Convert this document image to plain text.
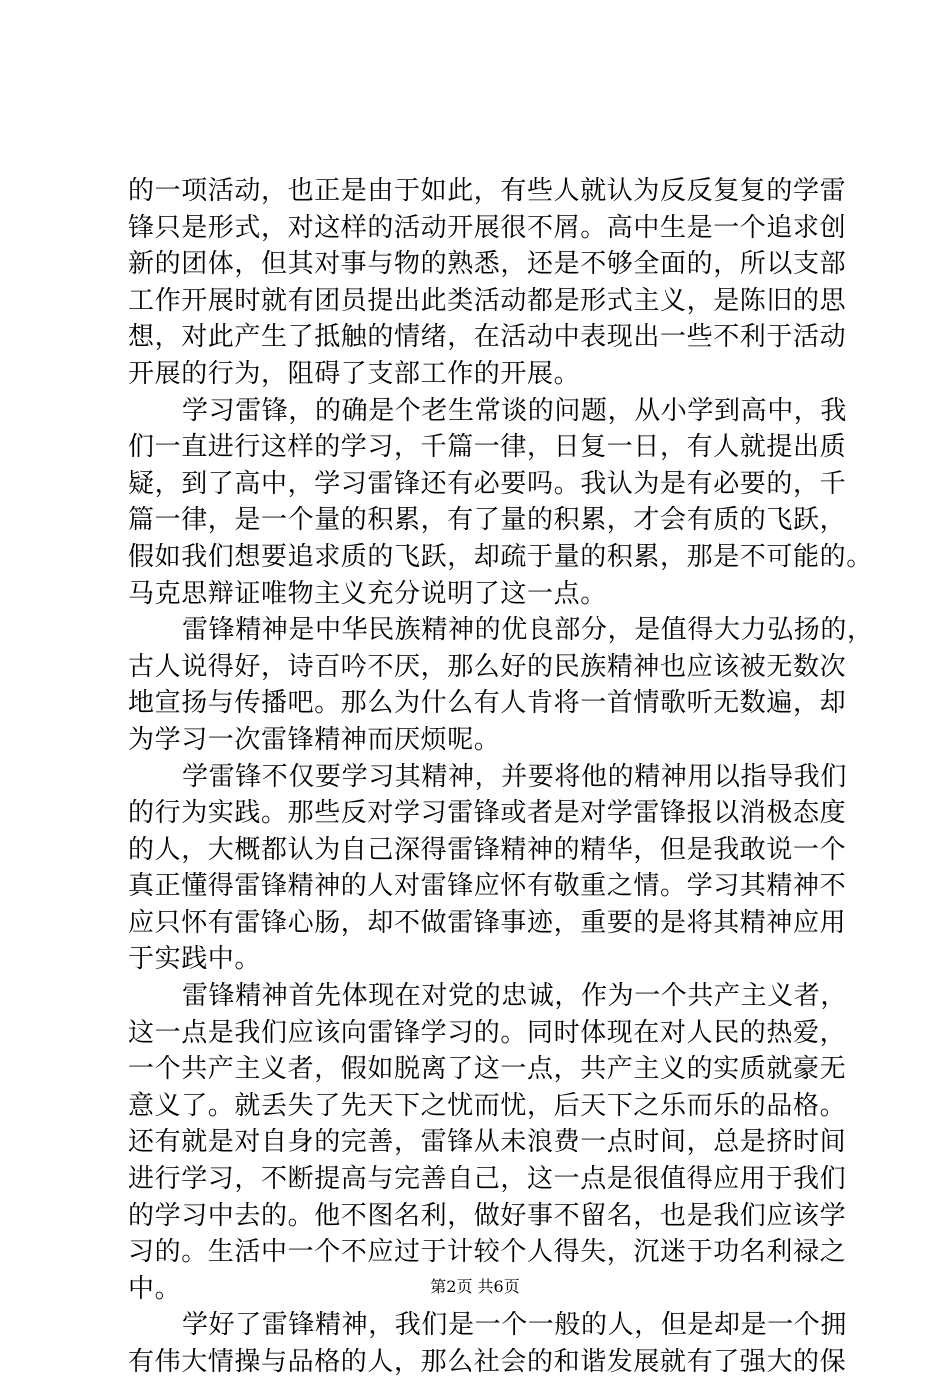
的一项活动，也正是由于如此，有些人就认为反反复复的学雷

锋只是形式，对这样的活动开展很不屑。高中生是一个追求创

新的团体，但其对事与物的熟悉，还是不够全面的，所以支部

工作开展时就有团员提出此类活动都是形式主义，是陈旧的思

想，对此产生了抵触的情绪，在活动中表现出一些不利于活动

开展的行为，阻碍了支部工作的开展。

学习雷锋，的确是个老生常谈的问题，从小学到高中，我

们一直进行这样的学习，千篇一律，日复一日，有人就提出质

疑，到了高中，学习雷锋还有必要吗。我认为是有必要的，千

篇一律，是一个量的积累，有了量的积累，才会有质的飞跃，

假如我们想要追求质的飞跃，却疏于量的积累，那是不可能的。

马克思辩证唯物主义充分说明了这一点。

雷锋精神是中华民族精神的优良部分，是值得大力弘扬的，

古人说得好，诗百吟不厌，那么好的民族精神也应该被无数次

地宣扬与传播吧。那么为什么有人肯将一首情歌听无数遍，却

为学习一次雷锋精神而厌烦呢。

学雷锋不仅要学习其精神，并要将他的精神用以指导我们

的行为实践。那些反对学习雷锋或者是对学雷锋报以消极态度

的人，大概都认为自己深得雷锋精神的精华，但是我敢说一个

真正懂得雷锋精神的人对雷锋应怀有敬重之情。学习其精神不

应只怀有雷锋心肠，却不做雷锋事迹，重要的是将其精神应用

于实践中。

雷锋精神首先体现在对党的忠诚，作为一个共产主义者，

这一点是我们应该向雷锋学习的。同时体现在对人民的热爱，

一个共产主义者，假如脱离了这一点，共产主义的实质就豪无

意义了。就丢失了先天下之忧而忧，后天下之乐而乐的品格。

还有就是对自身的完善，雷锋从未浪费一点时间，总是挤时间

进行学习，不断提高与完善自己，这一点是很值得应用于我们

的学习中去的。他不图名利，做好事不留名，也是我们应该学

习的。生活中一个不应过于计较个人得失，沉迷于功名利禄之

中。

学好了雷锋精神，我们是一个一般的人，但是却是一个拥

有伟大情操与品格的人，那么社会的和谐发展就有了强大的保

第2页 共6页
